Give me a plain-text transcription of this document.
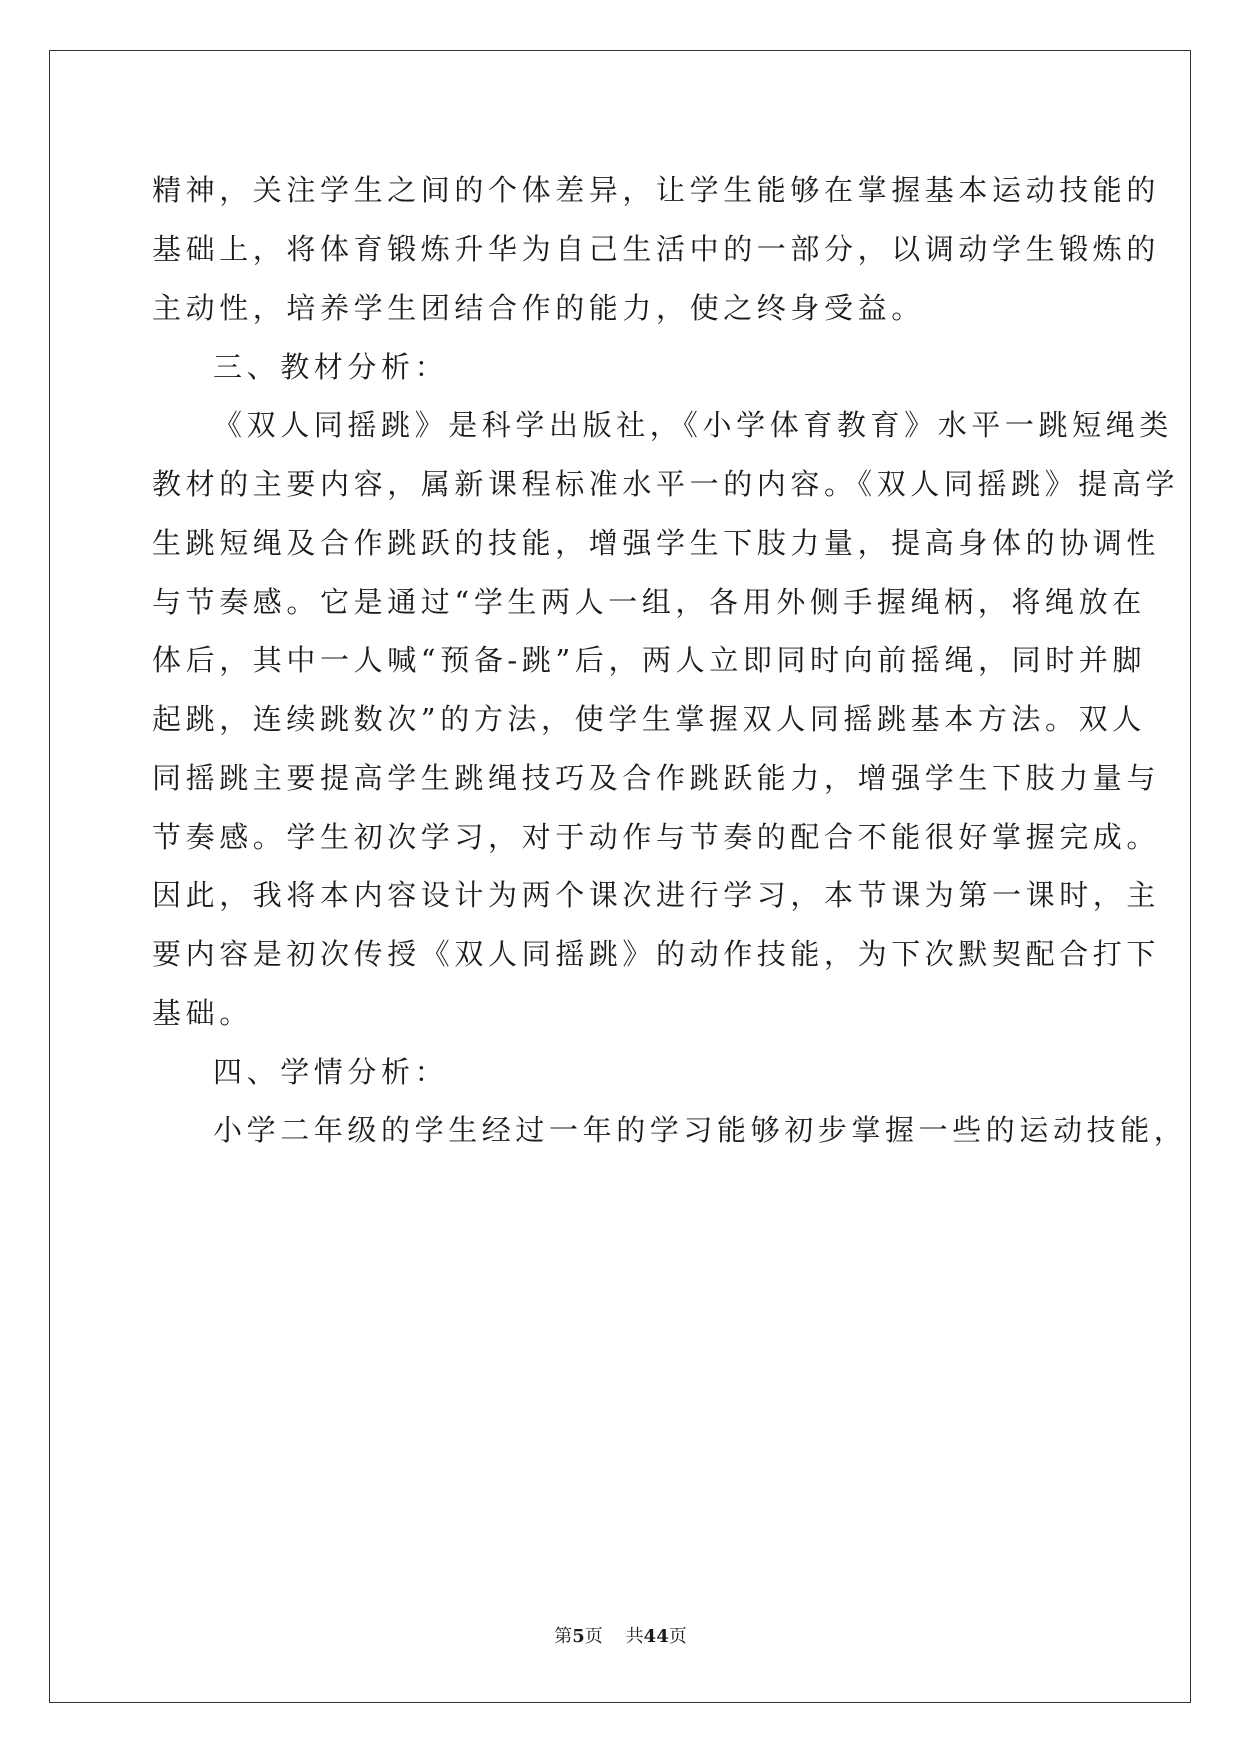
精神，关注学生之间的个体差异，让学生能够在掌握基本运动技能的
基础上，将体育锻炼升华为自己生活中的一部分，以调动学生锻炼的
主动性，培养学生团结合作的能力，使之终身受益。
三、教材分析：
《双人同摇跳》是科学出版社，《小学体育教育》水平一跳短绳类
教材的主要内容，属新课程标准水平一的内容。《双人同摇跳》提高学
生跳短绳及合作跳跃的技能，增强学生下肢力量，提高身体的协调性
与节奏感。它是通过“学生两人一组，各用外侧手握绳柄，将绳放在
体后，其中一人喊“预备-跳”后，两人立即同时向前摇绳，同时并脚
起跳，连续跳数次”的方法，使学生掌握双人同摇跳基本方法。双人
同摇跳主要提高学生跳绳技巧及合作跳跃能力，增强学生下肢力量与
节奏感。学生初次学习，对于动作与节奏的配合不能很好掌握完成。
因此，我将本内容设计为两个课次进行学习，本节课为第一课时，主
要内容是初次传授《双人同摇跳》的动作技能，为下次默契配合打下
基础。
四、学情分析：
小学二年级的学生经过一年的学习能够初步掌握一些的运动技能，
第5页 共44页
